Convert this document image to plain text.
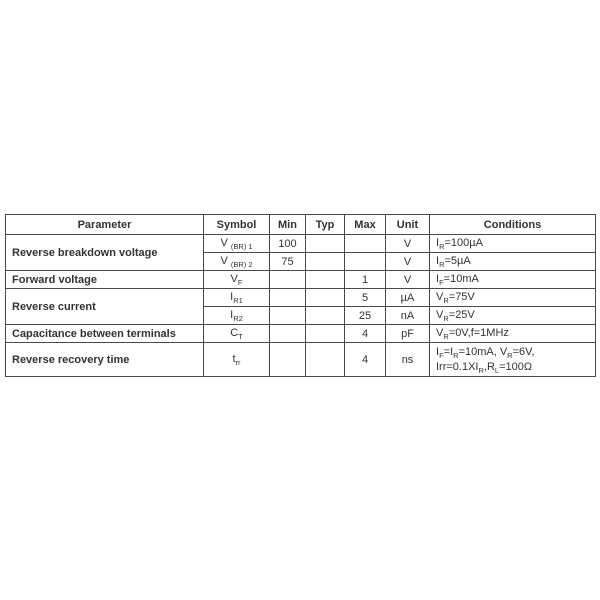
Parameter	Symbol	Min	Typ	Max	Unit	Conditions
Reverse breakdown voltage	V $_{(BR) 1}$	100			V	$I_R=100\mu A$
	V $_{(BR) 2}$	75			V	$I_R=5\mu A$
Forward voltage	$V_F$			1	V	$I_F=10mA$
Reverse current	$I_{R1}$			5	µA	$V_R=75V$
	$I_{R2}$			25	nA	$V_R=25V$
Capacitance between terminals	$C_T$			4	pF	$V_R=0V,f=1MHz$
Reverse recovery time	$t_{rr}$			4	ns	$I_F=I_R=10mA$, $V_R=6V$,
$Irr=0.1XI_R,R_L=100\Omega$
